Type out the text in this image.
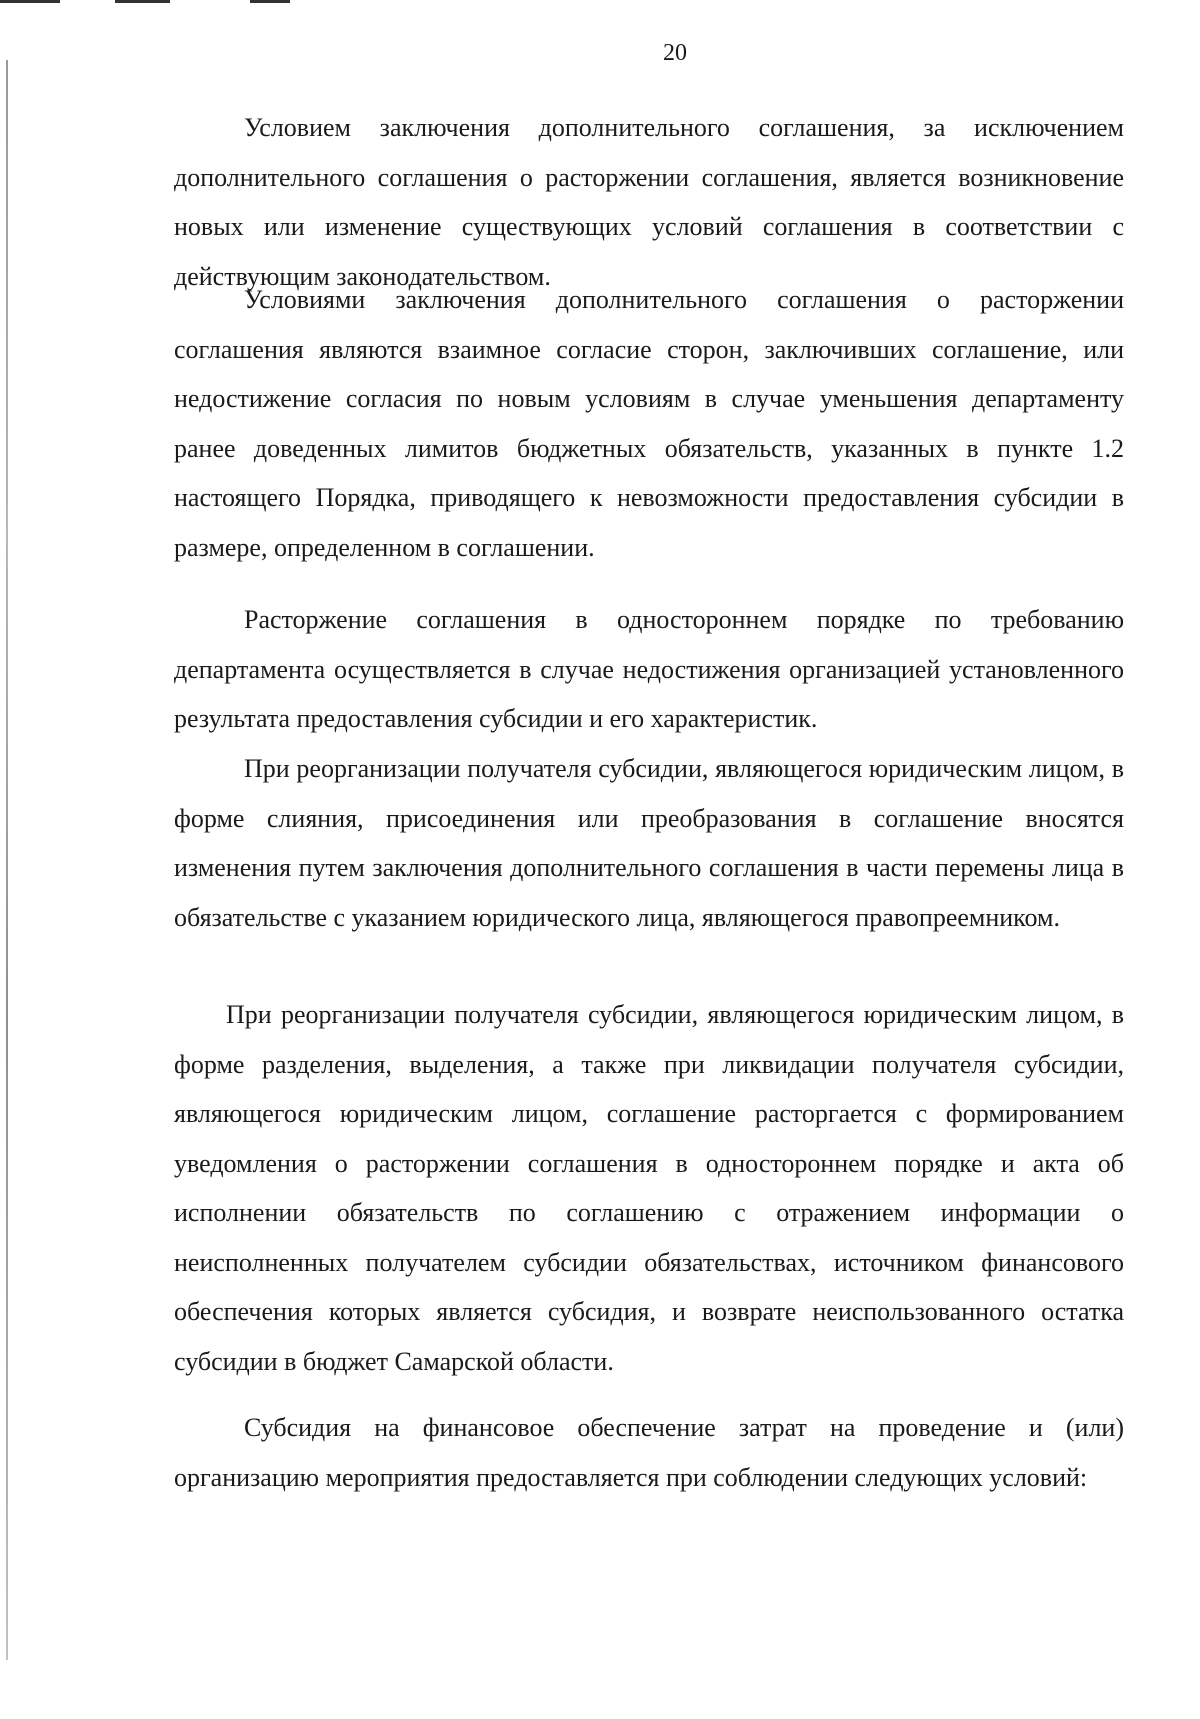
20

Условием заключения дополнительного соглашения, за исключением дополнительного соглашения о расторжении соглашения, является возникновение новых или изменение существующих условий соглашения в соответствии с действующим законодательством.

Условиями заключения дополнительного соглашения о расторжении соглашения являются взаимное согласие сторон, заключивших соглашение, или недостижение согласия по новым условиям в случае уменьшения департаменту ранее доведенных лимитов бюджетных обязательств, указанных в пункте 1.2 настоящего Порядка, приводящего к невозможности предоставления субсидии в размере, определенном в соглашении.

Расторжение соглашения в одностороннем порядке по требованию департамента осуществляется в случае недостижения организацией установленного результата предоставления субсидии и его характеристик.

При реорганизации получателя субсидии, являющегося юридическим лицом, в форме слияния, присоединения или преобразования в соглашение вносятся изменения путем заключения дополнительного соглашения в части перемены лица в обязательстве с указанием юридического лица, являющегося правопреемником.

При реорганизации получателя субсидии, являющегося юридическим лицом, в форме разделения, выделения, а также при ликвидации получателя субсидии, являющегося юридическим лицом, соглашение расторгается с формированием уведомления о расторжении соглашения в одностороннем порядке и акта об исполнении обязательств по соглашению с отражением информации о неисполненных получателем субсидии обязательствах, источником финансового обеспечения которых является субсидия, и возврате неиспользованного остатка субсидии в бюджет Самарской области.

Субсидия на финансовое обеспечение затрат на проведение и (или) организацию мероприятия предоставляется при соблюдении следующих условий:
